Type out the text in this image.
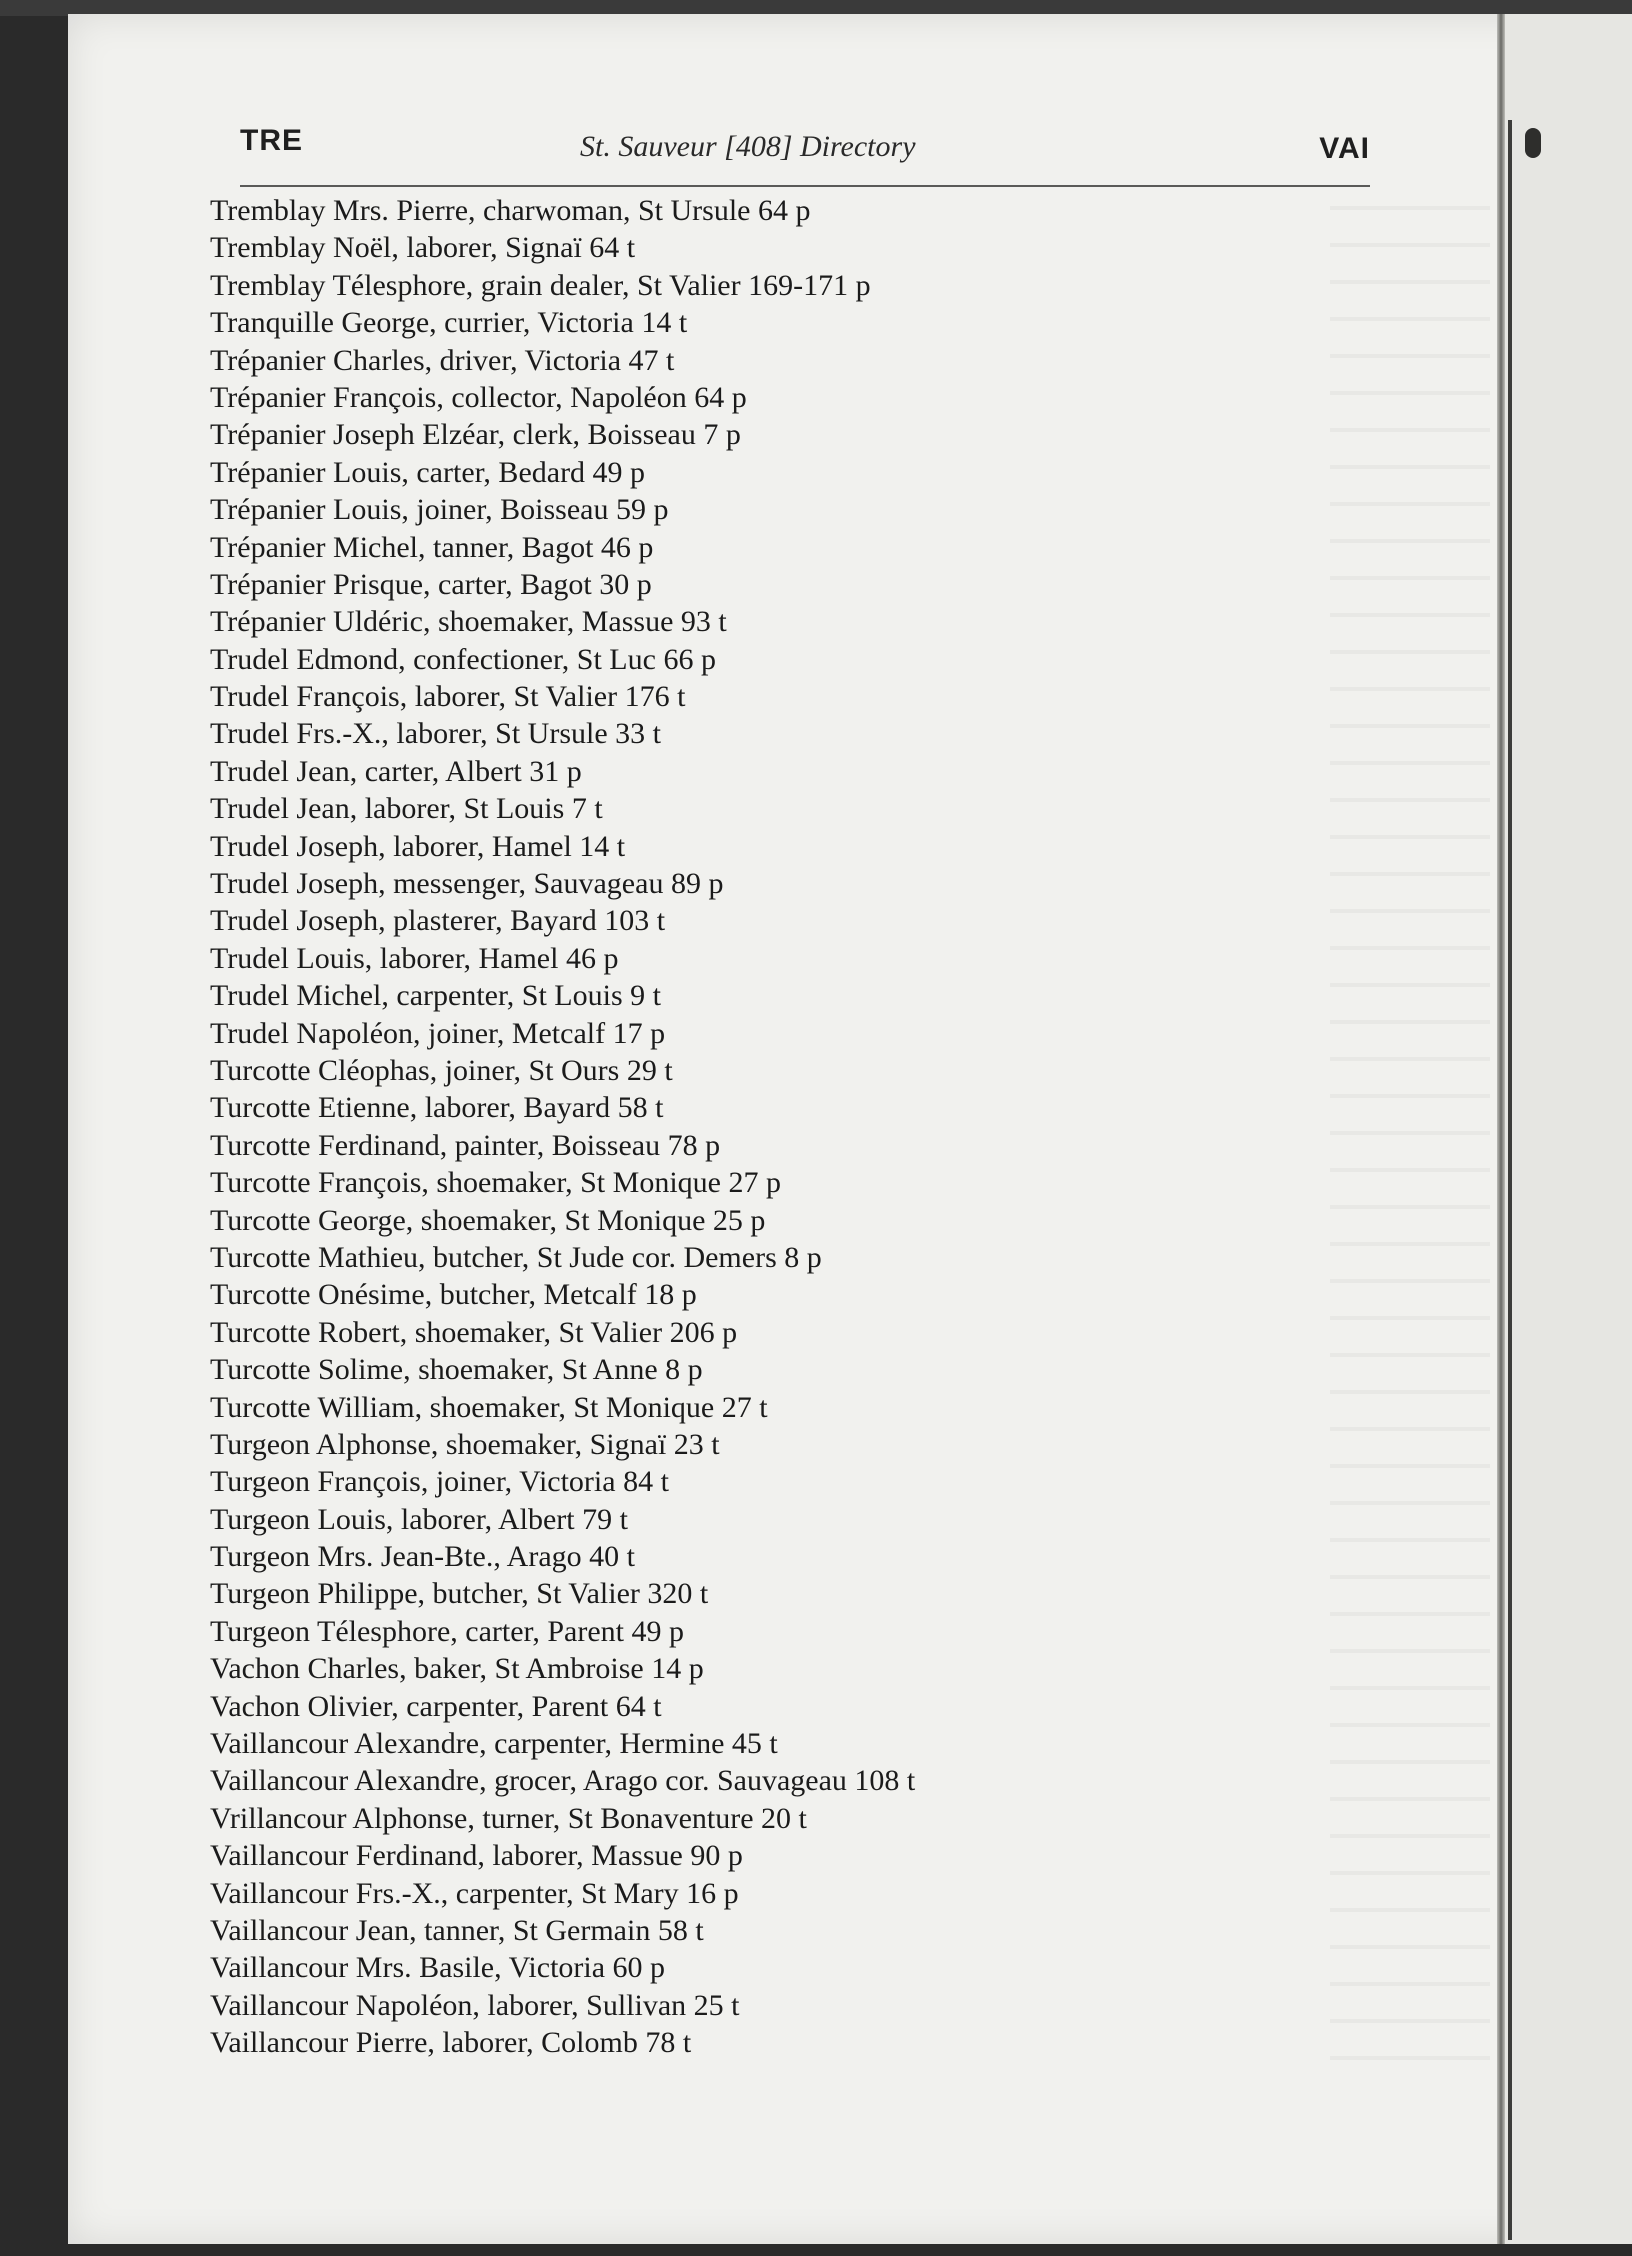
TRE	St. Sauveur [408] Directory	VAI
Tremblay Mrs. Pierre, charwoman, St Ursule 64 p
Tremblay Noël, laborer, Signaï 64 t
Tremblay Télesphore, grain dealer, St Valier 169-171 p
Tranquille George, currier, Victoria 14 t
Trépanier Charles, driver, Victoria 47 t
Trépanier François, collector, Napoléon 64 p
Trépanier Joseph Elzéar, clerk, Boisseau 7 p
Trépanier Louis, carter, Bedard 49 p
Trépanier Louis, joiner, Boisseau 59 p
Trépanier Michel, tanner, Bagot 46 p
Trépanier Prisque, carter, Bagot 30 p
Trépanier Uldéric, shoemaker, Massue 93 t
Trudel Edmond, confectioner, St Luc 66 p
Trudel François, laborer, St Valier 176 t
Trudel Frs.-X., laborer, St Ursule 33 t
Trudel Jean, carter, Albert 31 p
Trudel Jean, laborer, St Louis 7 t
Trudel Joseph, laborer, Hamel 14 t
Trudel Joseph, messenger, Sauvageau 89 p
Trudel Joseph, plasterer, Bayard 103 t
Trudel Louis, laborer, Hamel 46 p
Trudel Michel, carpenter, St Louis 9 t
Trudel Napoléon, joiner, Metcalf 17 p
Turcotte Cléophas, joiner, St Ours 29 t
Turcotte Etienne, laborer, Bayard 58 t
Turcotte Ferdinand, painter, Boisseau 78 p
Turcotte François, shoemaker, St Monique 27 p
Turcotte George, shoemaker, St Monique 25 p
Turcotte Mathieu, butcher, St Jude cor. Demers 8 p
Turcotte Onésime, butcher, Metcalf 18 p
Turcotte Robert, shoemaker, St Valier 206 p
Turcotte Solime, shoemaker, St Anne 8 p
Turcotte William, shoemaker, St Monique 27 t
Turgeon Alphonse, shoemaker, Signaï 23 t
Turgeon François, joiner, Victoria 84 t
Turgeon Louis, laborer, Albert 79 t
Turgeon Mrs. Jean-Bte., Arago 40 t
Turgeon Philippe, butcher, St Valier 320 t
Turgeon Télesphore, carter, Parent 49 p
Vachon Charles, baker, St Ambroise 14 p
Vachon Olivier, carpenter, Parent 64 t
Vaillancour Alexandre, carpenter, Hermine 45 t
Vaillancour Alexandre, grocer, Arago cor. Sauvageau 108 t
Vrillancour Alphonse, turner, St Bonaventure 20 t
Vaillancour Ferdinand, laborer, Massue 90 p
Vaillancour Frs.-X., carpenter, St Mary 16 p
Vaillancour Jean, tanner, St Germain 58 t
Vaillancour Mrs. Basile, Victoria 60 p
Vaillancour Napoléon, laborer, Sullivan 25 t
Vaillancour Pierre, laborer, Colomb 78 t
